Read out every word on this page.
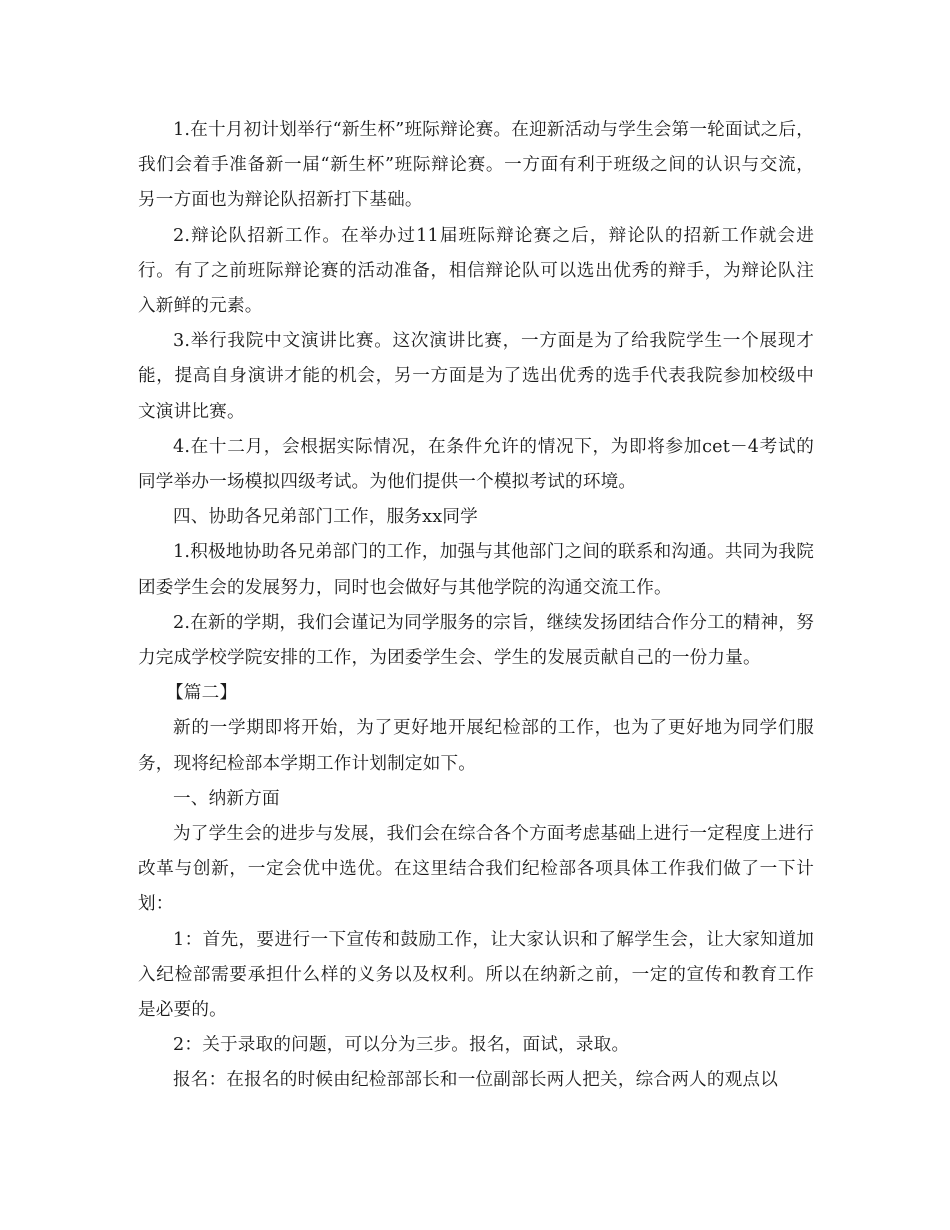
1.在十月初计划举行“新生杯”班际辩论赛。在迎新活动与学生会第一轮面试之后，我们会着手准备新一届“新生杯”班际辩论赛。一方面有利于班级之间的认识与交流，另一方面也为辩论队招新打下基础。

2.辩论队招新工作。在举办过11届班际辩论赛之后，辩论队的招新工作就会进行。有了之前班际辩论赛的活动准备，相信辩论队可以选出优秀的辩手，为辩论队注入新鲜的元素。

3.举行我院中文演讲比赛。这次演讲比赛，一方面是为了给我院学生一个展现才能，提高自身演讲才能的机会，另一方面是为了选出优秀的选手代表我院参加校级中文演讲比赛。

4.在十二月，会根据实际情况，在条件允许的情况下，为即将参加cet－4考试的同学举办一场模拟四级考试。为他们提供一个模拟考试的环境。

四、协助各兄弟部门工作，服务xx同学

1.积极地协助各兄弟部门的工作，加强与其他部门之间的联系和沟通。共同为我院团委学生会的发展努力，同时也会做好与其他学院的沟通交流工作。

2.在新的学期，我们会谨记为同学服务的宗旨，继续发扬团结合作分工的精神，努力完成学校学院安排的工作，为团委学生会、学生的发展贡献自己的一份力量。

【篇二】

新的一学期即将开始，为了更好地开展纪检部的工作，也为了更好地为同学们服务，现将纪检部本学期工作计划制定如下。

一、纳新方面

为了学生会的进步与发展，我们会在综合各个方面考虑基础上进行一定程度上进行改革与创新，一定会优中选优。在这里结合我们纪检部各项具体工作我们做了一下计划：

1：首先，要进行一下宣传和鼓励工作，让大家认识和了解学生会，让大家知道加入纪检部需要承担什么样的义务以及权利。所以在纳新之前，一定的宣传和教育工作是必要的。

2：关于录取的问题，可以分为三步。报名，面试，录取。

报名：在报名的时候由纪检部部长和一位副部长两人把关，综合两人的观点以
